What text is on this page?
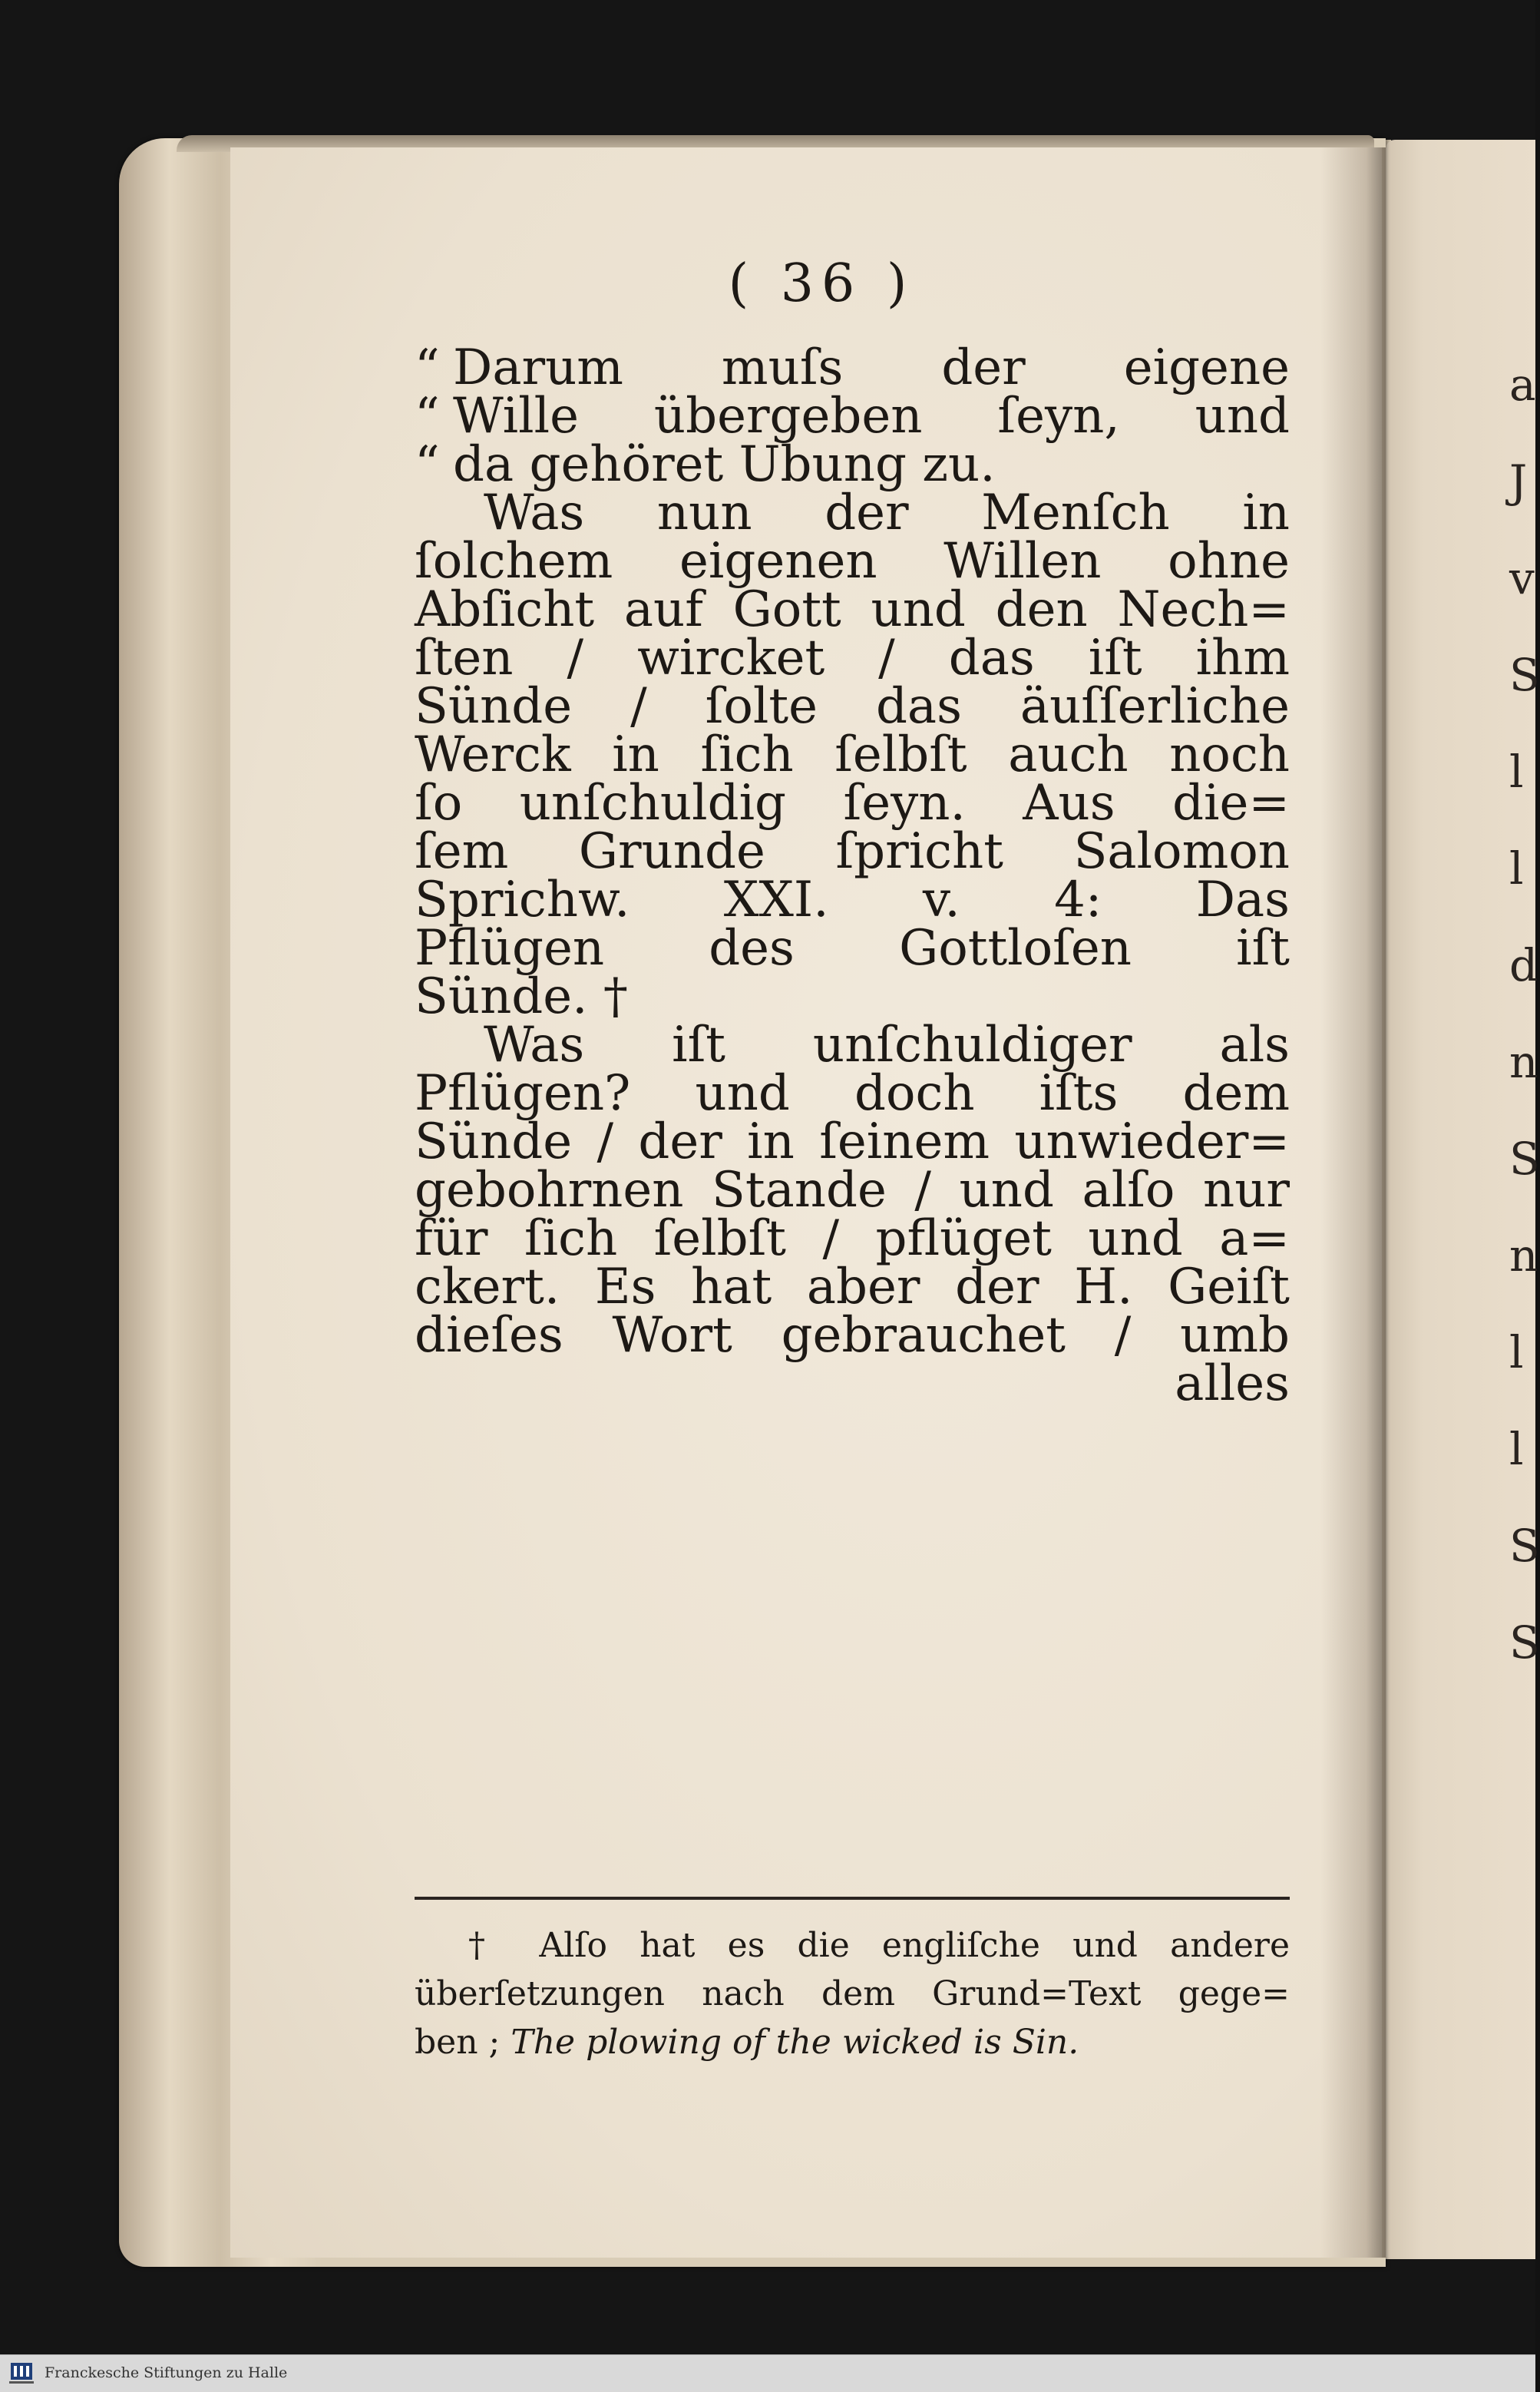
a
J
v
S
l
l
d
n
S
n
l
l
S
S
( 36 )
“ Darum muſs der eigene
“ Wille übergeben ſeyn, und
“ da gehöret Ubung zu.
Was nun der Menſch in
ſolchem eigenen Willen ohne
Abſicht auf Gott und den Nech=
ſten / wircket / das iſt ihm
Sünde / ſolte das äuſſerliche
Werck in ſich ſelbſt auch noch
ſo unſchuldig ſeyn. Aus die=
ſem Grunde ſpricht Salomon
Sprichw. XXI. v. 4: Das
Pflügen des Gottloſen iſt
Sünde. †
Was iſt unſchuldiger als
Pflügen? und doch iſts dem
Sünde / der in ſeinem unwieder=
gebohrnen Stande / und alſo nur
für ſich ſelbſt / pflüget und a=
ckert. Es hat aber der H. Geiſt
dieſes Wort gebrauchet / umb
alles
† Alſo hat es die engliſche und andere
überſetzungen nach dem Grund=Text gege=
ben ; The plowing of the wicked is Sin.
Franckesche Stiftungen zu Halle
